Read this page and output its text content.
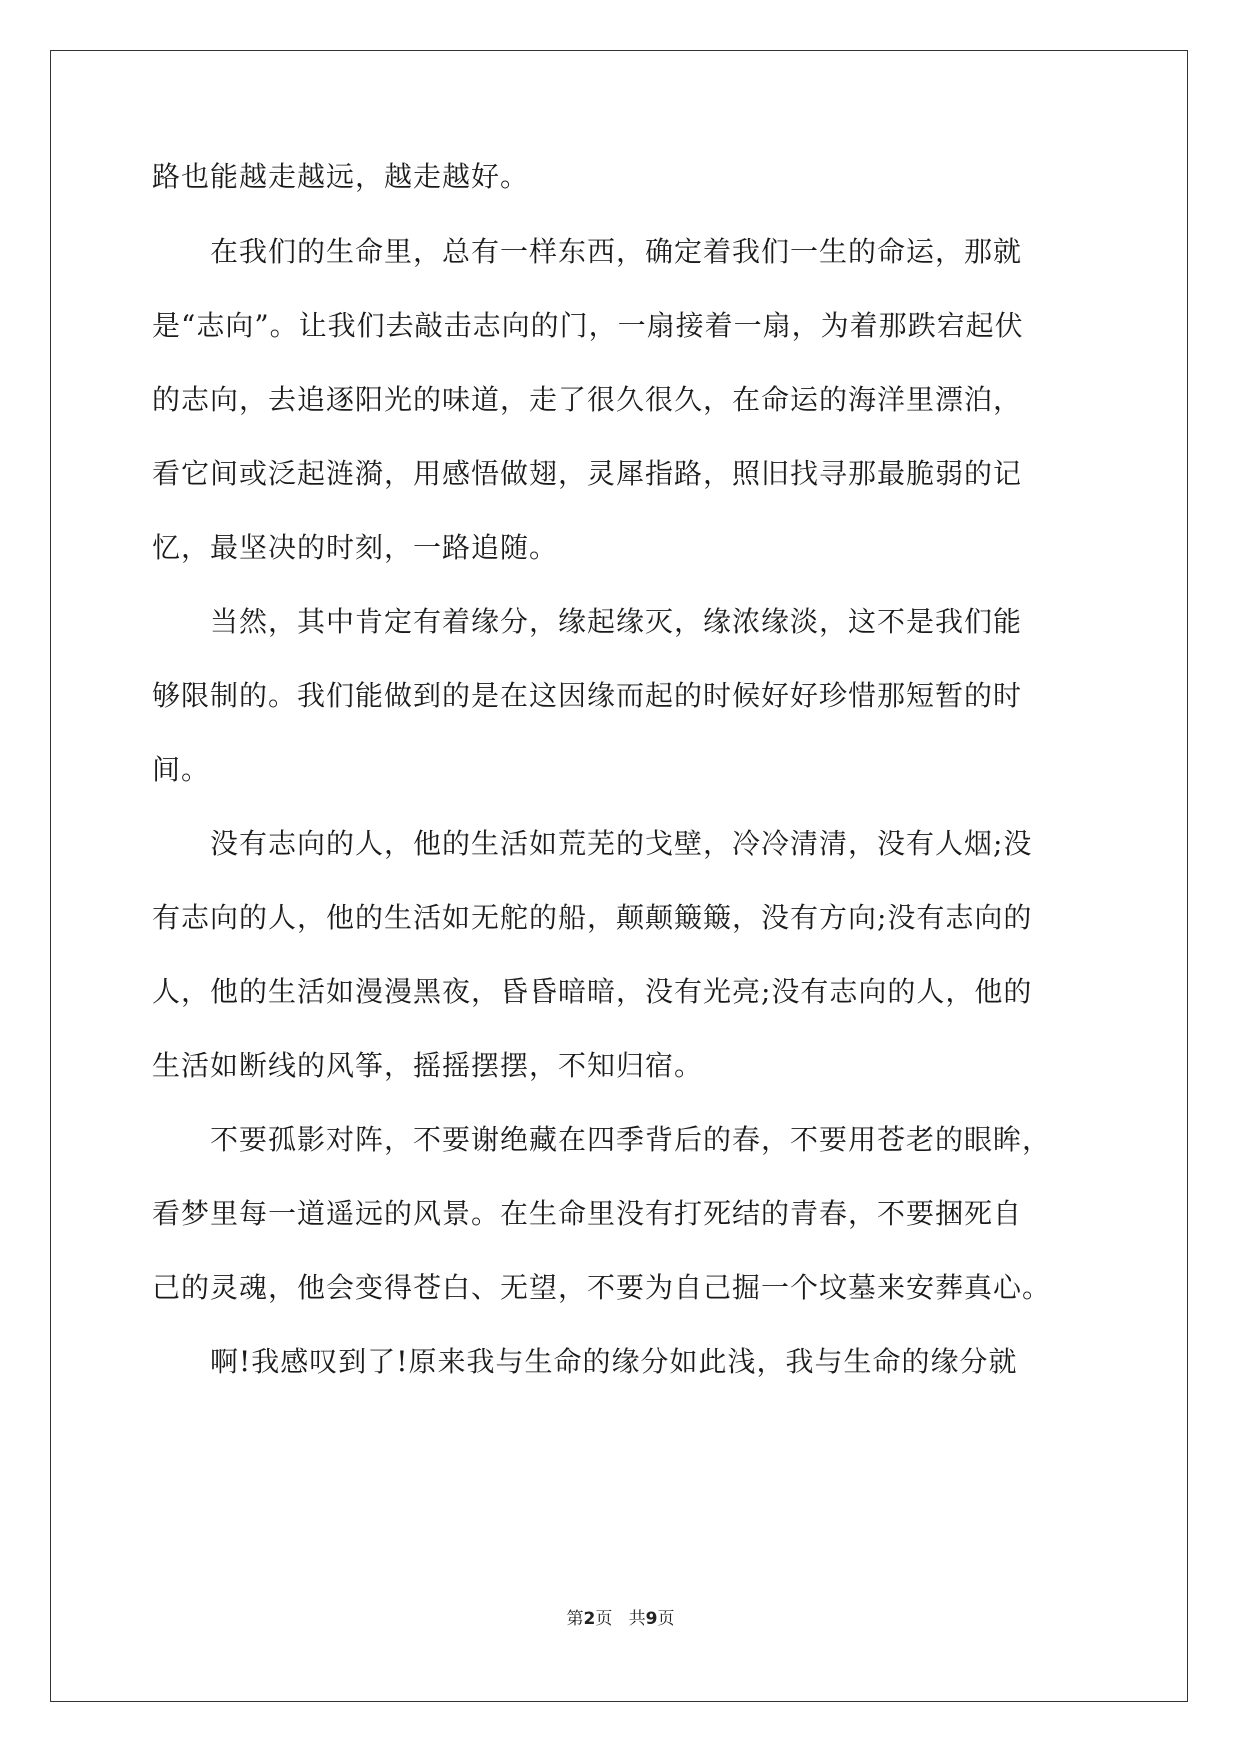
路也能越走越远，越走越好。
　　在我们的生命里，总有一样东西，确定着我们一生的命运，那就
是“志向”。让我们去敲击志向的门，一扇接着一扇，为着那跌宕起伏
的志向，去追逐阳光的味道，走了很久很久，在命运的海洋里漂泊，
看它间或泛起涟漪，用感悟做翅，灵犀指路，照旧找寻那最脆弱的记
忆，最坚决的时刻，一路追随。
　　当然，其中肯定有着缘分，缘起缘灭，缘浓缘淡，这不是我们能
够限制的。我们能做到的是在这因缘而起的时候好好珍惜那短暂的时
间。
　　没有志向的人，他的生活如荒芜的戈壁，冷冷清清，没有人烟;没
有志向的人，他的生活如无舵的船，颠颠簸簸，没有方向;没有志向的
人，他的生活如漫漫黑夜，昏昏暗暗，没有光亮;没有志向的人，他的
生活如断线的风筝，摇摇摆摆，不知归宿。
　　不要孤影对阵，不要谢绝藏在四季背后的春，不要用苍老的眼眸，
看梦里每一道遥远的风景。在生命里没有打死结的青春，不要捆死自
己的灵魂，他会变得苍白、无望，不要为自己掘一个坟墓来安葬真心。
　　啊!我感叹到了!原来我与生命的缘分如此浅，我与生命的缘分就
第2页 共9页
